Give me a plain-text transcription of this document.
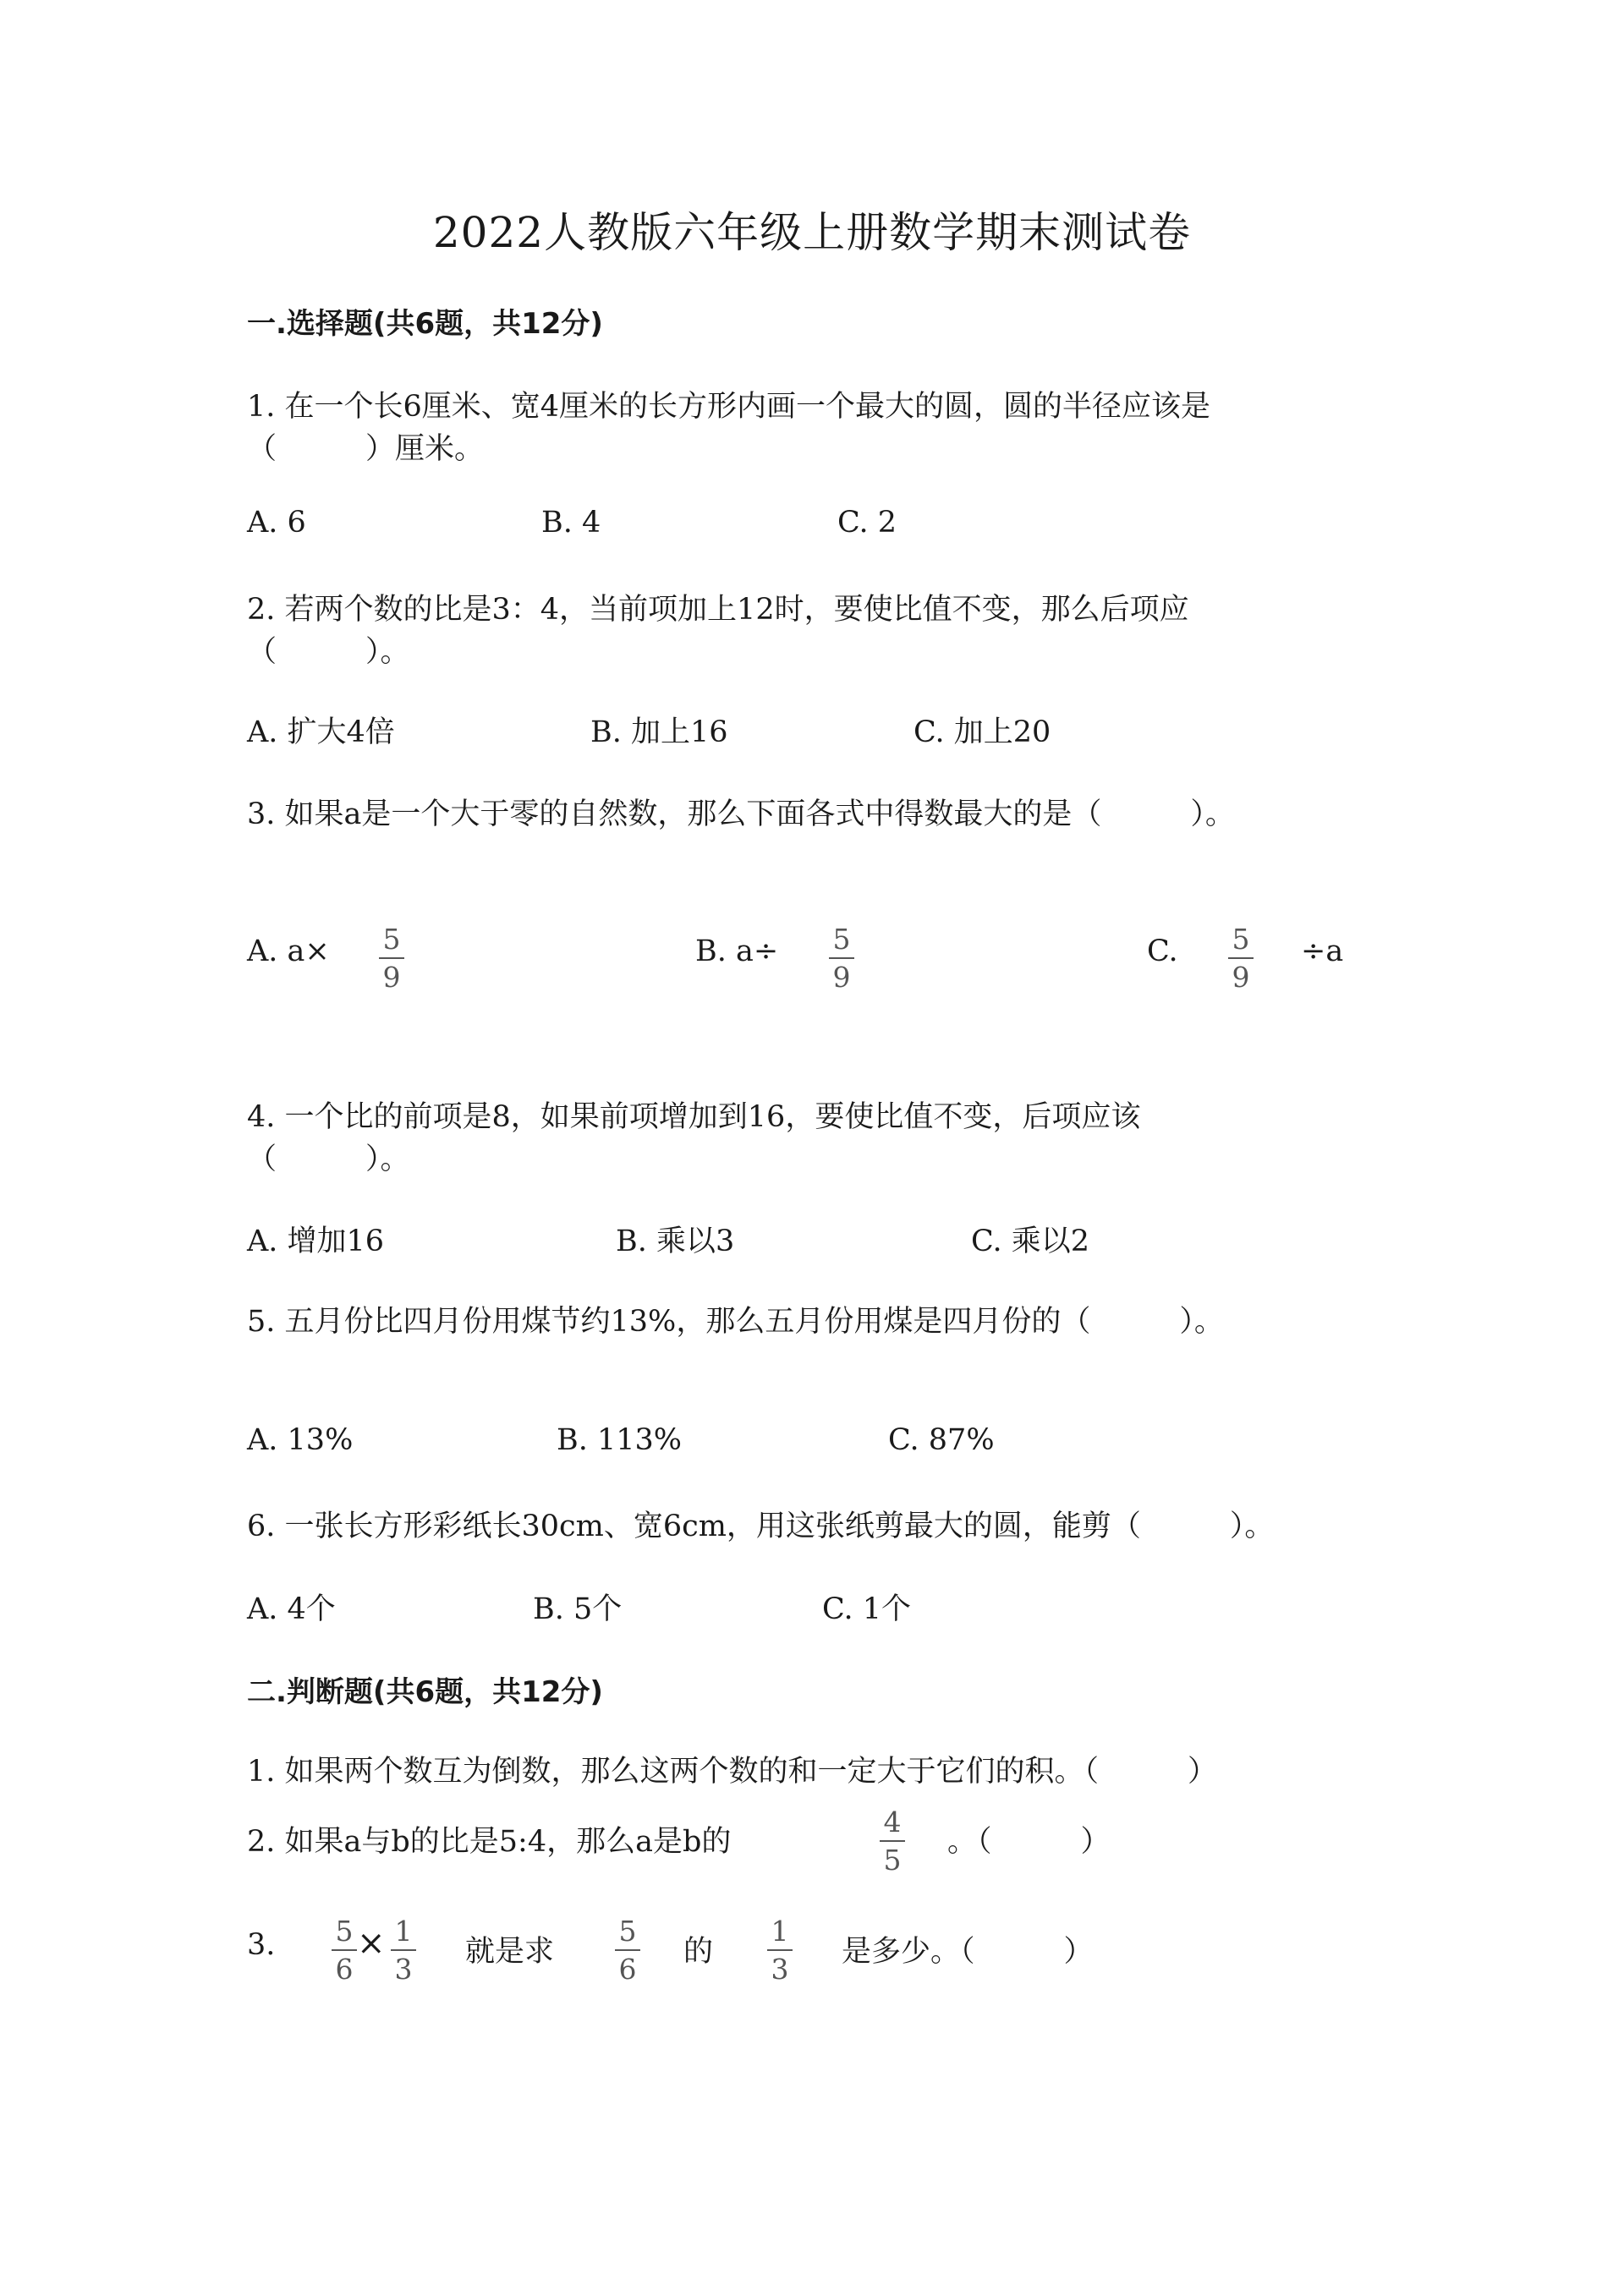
2022人教版六年级上册数学期末测试卷
一.选择题(共6题，共12分)
1. 在一个长6厘米、宽4厘米的长方形内画一个最大的圆，圆的半径应该是
（　　　）厘米。
A. 6	B. 4	C. 2
2. 若两个数的比是3：4，当前项加上12时，要使比值不变，那么后项应
（　　　）。
A. 扩大4倍	B. 加上16	C. 加上20
3. 如果a是一个大于零的自然数，那么下面各式中得数最大的是（　　　）。
A. a× 5
9
B. a÷ 5
9
C. 5
9
÷a
4. 一个比的前项是8，如果前项增加到16，要使比值不变，后项应该
（　　　）。
A. 增加16	B. 乘以3	C. 乘以2
5. 五月份比四月份用煤节约13%，那么五月份用煤是四月份的（　　　）。
A. 13%	B. 113%	C. 87%
6. 一张长方形彩纸长30cm、宽6cm，用这张纸剪最大的圆，能剪（　　　）。
A. 4个	B. 5个	C. 1个
二.判断题(共6题，共12分)
1. 如果两个数互为倒数，那么这两个数的和一定大于它们的积。（　　　）
2. 如果a与b的比是5:4，那么a是b的
4
5
。（　　　）
3. 5
6
× 1
3
就是求
5
6
的
1
3
是多少。（　　　）
